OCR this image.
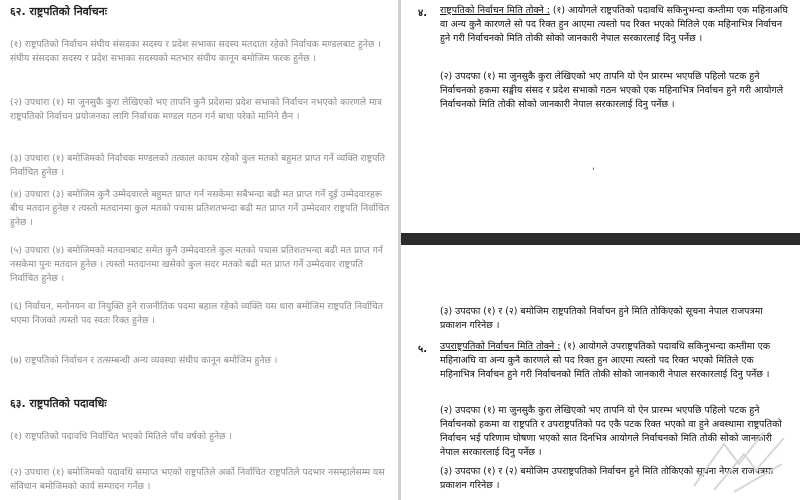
६२. राष्ट्रपतिको निर्वाचनः
(१) राष्ट्रपतिको निर्वाचन संघीय संसदका सदस्य र प्रदेश सभाका सदस्य मतदाता रहेको निर्वाचक मण्डलबाट हुनेछ । संघीय संसदका सदस्य र प्रदेश सभाका सदस्यको मतभार संघीय कानून बमोजिम फरक हुनेछ ।
(२) उपधारा (१) मा जुनसुकै कुरा लेखिएको भए तापनि कुनै प्रदेशमा प्रदेश सभाको निर्वाचन नभएको कारणले मात्र राष्ट्रपतिको निर्वाचन प्रयोजनका लागि निर्वाचक मण्डल गठन गर्न बाधा परेको मानिने छैन ।
(३) उपधारा (१) बमोजिमको निर्वाचक मण्डलको तत्काल कायम रहेको कुल मतको बहुमत प्राप्त गर्ने व्यक्ति राष्ट्रपति निर्वाचित हुनेछ ।
(४) उपधारा (३) बमोजिम कुनै उम्मेदवारले बहुमत प्राप्त गर्न नसकेमा सबैभन्दा बढी मत प्राप्त गर्ने दुई उम्मेदवारहरू बीच मतदान हुनेछ र त्यस्तो मतदानमा कुल मतको पचास प्रतिशतभन्दा बढी मत प्राप्त गर्ने उम्मेदवार राष्ट्रपति निर्वाचित हुनेछ ।
(५) उपधारा (४) बमोजिमको मतदानबाट समेत कुनै उम्मेदवारले कुल मतको पचास प्रतिशतभन्दा बढी मत प्राप्त गर्न नसकेमा पुनः मतदान हुनेछ । त्यस्तो मतदानमा खसेको कुल सदर मतको बढी मत प्राप्त गर्ने उम्मेदवार राष्ट्रपति निर्वाचित हुनेछ ।
(६) निर्वाचन, मनोनयन वा नियुक्ति हुने राजनीतिक पदमा बहाल रहेको व्यक्ति यस धारा बमोजिम राष्ट्रपति निर्वाचित भएमा निजको त्यस्तो पद स्वतः रिक्त हुनेछ ।
(७) राष्ट्रपतिको निर्वाचन र तत्सम्बन्धी अन्य व्यवस्था संघीय कानून बमोजिम हुनेछ ।
६३. राष्ट्रपतिको पदावधिः
(१) राष्ट्रपतिको पदावधि निर्वाचित भएको मितिले पाँच वर्षको हुनेछ ।
(२) उपधारा (१) बमोजिमको पदावधि समाप्त भएको राष्ट्रपतिले अर्को निर्वाचित राष्ट्रपतिले पदभार नसम्हालेसम्म यस संविधान बमोजिमको कार्य सम्पादन गर्नेछ ।
४. राष्ट्रपतिको निर्वाचन मिति तोक्ने : (१) आयोगले राष्ट्रपतिको पदावधि सकिनुभन्दा कम्तीमा एक महिनाअघि वा अन्य कुनै कारणले सो पद रिक्त हुन आएमा त्यस्तो पद रिक्त भएको मितिले एक महिनाभित्र निर्वाचन हुने गरी निर्वाचनको मिति तोकी सोको जानकारी नेपाल सरकारलाई दिनु पर्नेछ ।
(२) उपदफा (१) मा जुनसुकै कुरा लेखिएको भए तापनि यो ऐन प्रारम्भ भएपछि पहिलो पटक हुने निर्वाचनको हकमा सङ्घीय संसद र प्रदेश सभाको गठन भएको एक महिनाभित्र निर्वाचन हुने गरी आयोगले निर्वाचनको मिति तोकी सोको जानकारी नेपाल सरकारलाई दिनु पर्नेछ ।
,
(३) उपदफा (१) र (२) बमोजिम राष्ट्रपतिको निर्वाचन हुने मिति तोकिएको सूचना नेपाल राजपत्रमा प्रकाशन गरिनेछ ।
५. उपराष्ट्रपतिको निर्वाचन मिति तोक्ने : (१) आयोगले उपराष्ट्रपतिको पदावधि सकिनुभन्दा कम्तीमा एक महिनाअघि वा अन्य कुनै कारणले सो पद रिक्त हुन आएमा त्यस्तो पद रिक्त भएको मितिले एक महिनाभित्र निर्वाचन हुने गरी निर्वाचनको मिति तोकी सोको जानकारी नेपाल सरकारलाई दिनु पर्नेछ ।
(२) उपदफा (१) मा जुनसुकै कुरा लेखिएको भए तापनि यो ऐन प्रारम्भ भएपछि पहिलो पटक हुने निर्वाचनको हकमा वा राष्ट्रपति र उपराष्ट्रपतिको पद एकै पटक रिक्त भएको वा हुने अवस्थामा राष्ट्रपतिको निर्वाचन भई परिणाम घोषणा भएको सात दिनभित्र आयोगले निर्वाचनको मिति तोकी सोको जानकारी नेपाल सरकारलाई दिनु पर्नेछ ।
(३) उपदफा (१) र (२) बमोजिम उपराष्ट्रपतिको निर्वाचन हुने मिति तोकिएको सूचना नेपाल राजपत्रमा प्रकाशन गरिनेछ ।
